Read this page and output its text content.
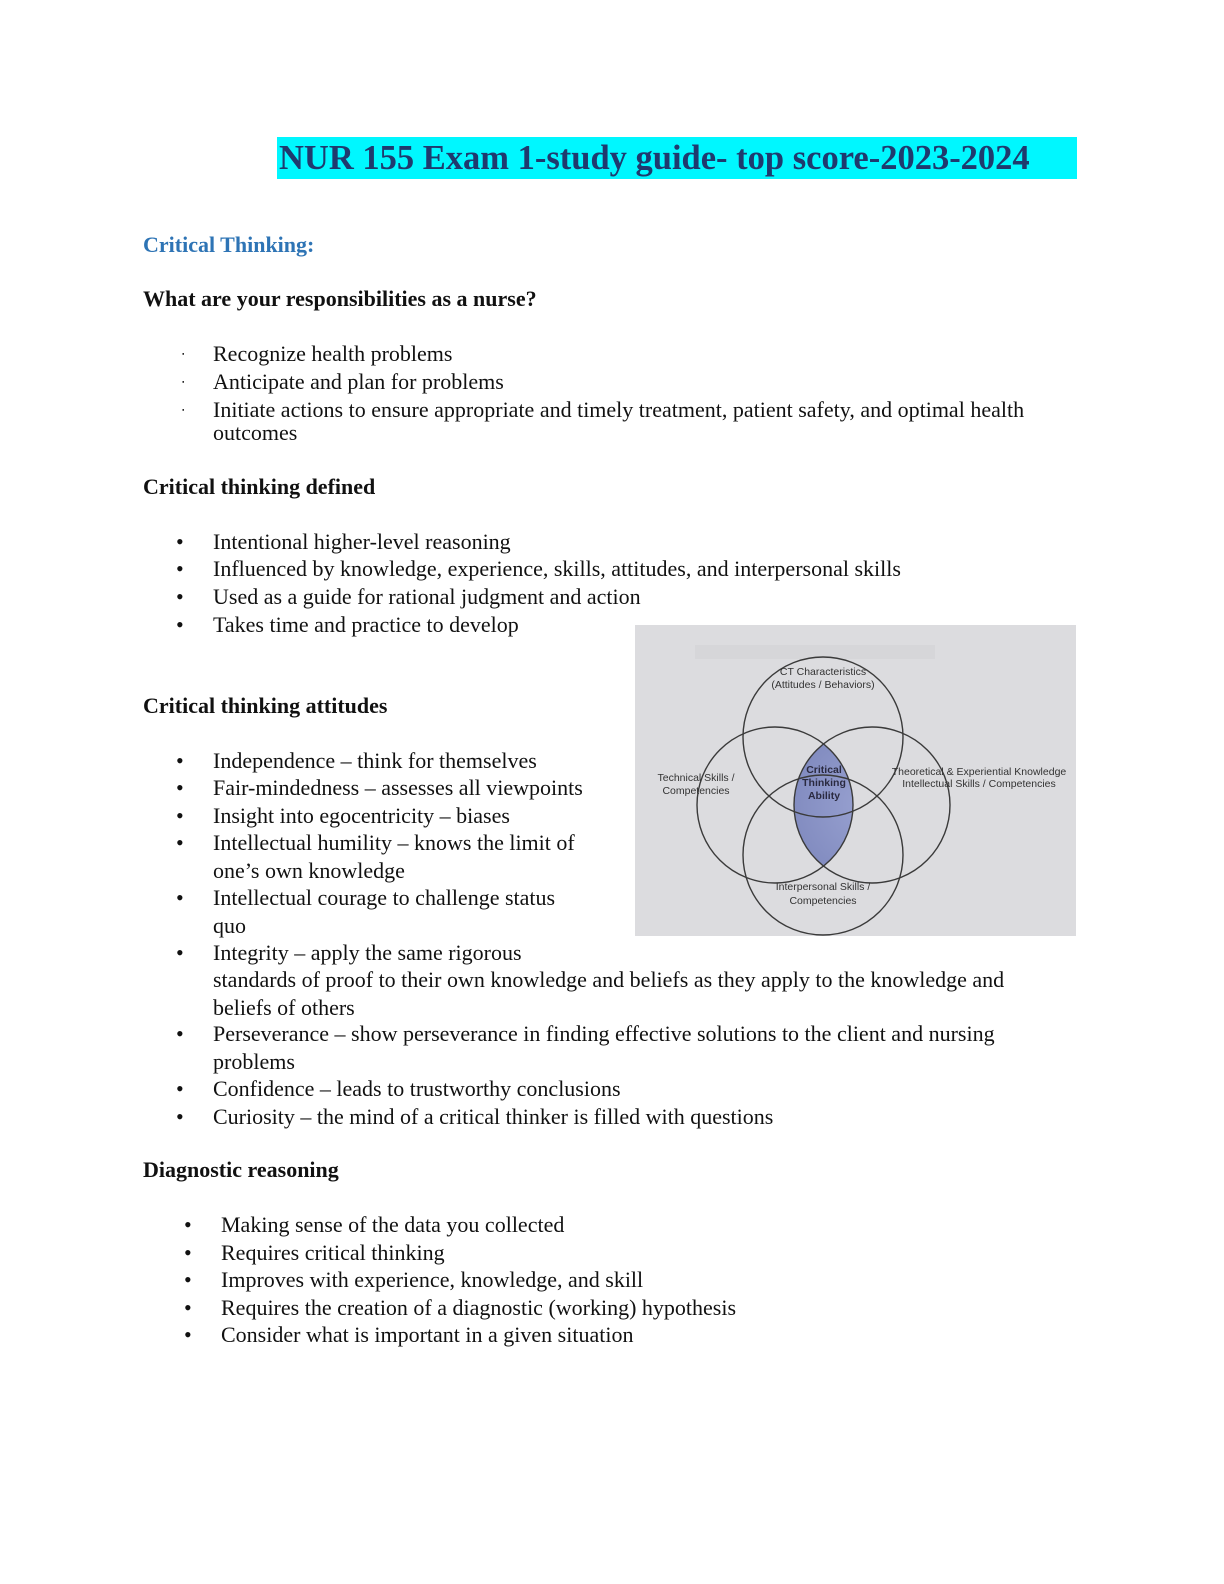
NUR 155 Exam 1-study guide- top score-2023-2024
Critical Thinking:
What are your responsibilities as a nurse?
‧ Recognize health problems
‧ Anticipate and plan for problems
‧ Initiate actions to ensure appropriate and timely treatment, patient safety, and optimal health outcomes
Critical thinking defined
• Intentional higher-level reasoning
• Influenced by knowledge, experience, skills, attitudes, and interpersonal skills
• Used as a guide for rational judgment and action
• Takes time and practice to develop
Critical thinking attitudes
• Independence – think for themselves
• Fair-mindedness – assesses all viewpoints
• Insight into egocentricity – biases
• Intellectual humility – knows the limit of
one’s own knowledge
• Intellectual courage to challenge status
quo
• Integrity – apply the same rigorous
standards of proof to their own knowledge and beliefs as they apply to the knowledge and
beliefs of others
• Perseverance – show perseverance in finding effective solutions to the client and nursing
problems
• Confidence – leads to trustworthy conclusions
• Curiosity – the mind of a critical thinker is filled with questions
Diagnostic reasoning
• Making sense of the data you collected
• Requires critical thinking
• Improves with experience, knowledge, and skill
• Requires the creation of a diagnostic (working) hypothesis
• Consider what is important in a given situation
CT Characteristics
(Attitudes / Behaviors)
Technical Skills /
Competencies
Theoretical & Experiential Knowledge
Intellectual Skills / Competencies
Interpersonal Skills /
Competencies
Critical
Thinking
Ability
